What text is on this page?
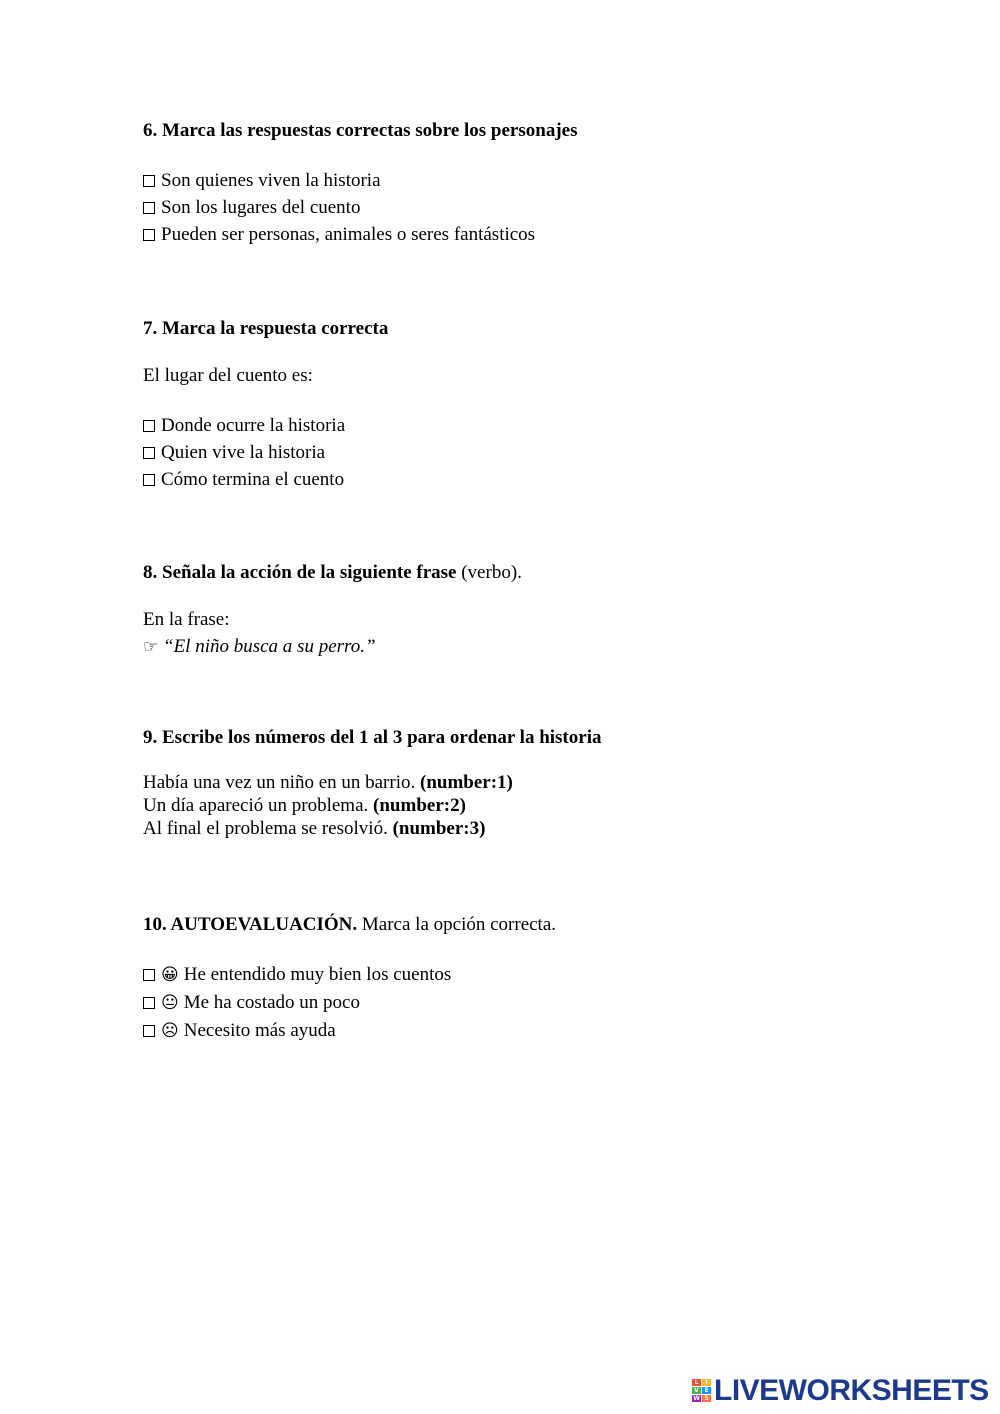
6. Marca las respuestas correctas sobre los personajes

Son quienes viven la historia

Son los lugares del cuento

Pueden ser personas, animales o seres fantásticos

7. Marca la respuesta correcta

El lugar del cuento es:

Donde ocurre la historia

Quien vive la historia

Cómo termina el cuento

8. Señala la acción de la siguiente frase (verbo).

En la frase:

☞ “El niño busca a su perro.”

9. Escribe los números del 1 al 3 para ordenar la historia

Había una vez un niño en un barrio. (number:1)

Un día apareció un problema. (number:2)

Al final el problema se resolvió. (number:3)

10. AUTOEVALUACIÓN. Marca la opción correcta.

😀 He entendido muy bien los cuentos

😐 Me ha costado un poco

☹ Necesito más ayuda

L	I
V E
W S LIVEWORKSHEETS
